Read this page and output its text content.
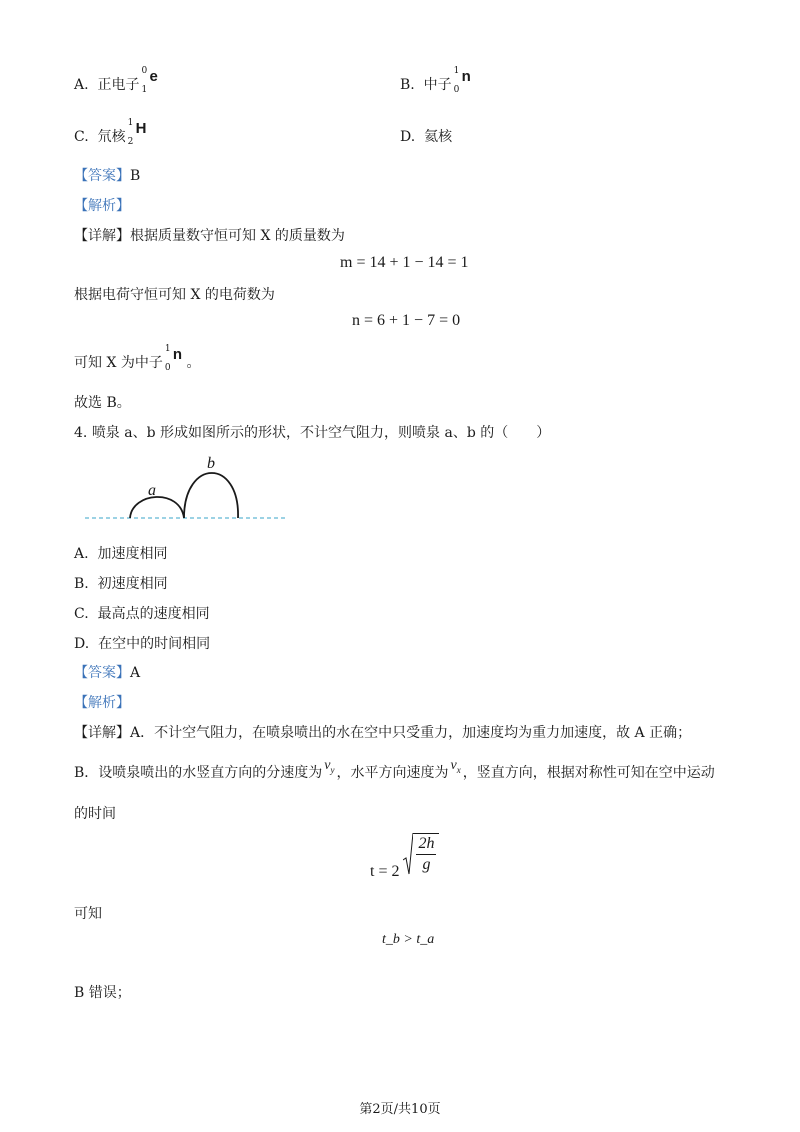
A. 正电子
0
1
e	B. 中子
1
0
n
C. 氘核
1
2
H	D. 氦核
【答案】B
【解析】
【详解】根据质量数守恒可知 X 的质量数为
m = 14 + 1 − 14 = 1
根据电荷守恒可知 X 的电荷数为
n = 6 + 1 − 7 = 0
可知 X 为中子
1
0
n 。
故选 B。
4. 喷泉 a、b 形成如图所示的形状，不计空气阻力，则喷泉 a、b 的（　　）
a
b
A. 加速度相同
B. 初速度相同
C. 最高点的速度相同
D. 在空中的时间相同
【答案】A
【解析】
【详解】A．不计空气阻力，在喷泉喷出的水在空中只受重力，加速度均为重力加速度，故 A 正确；
B．设喷泉喷出的水竖直方向的分速度为 $v_y$ ，水平方向速度为 $v_x$ ，竖直方向，根据对称性可知在空中运动
的时间
$t = 2 \frac{2h}{g}$
可知
t_b > t_a
B 错误；
第2页/共10页
